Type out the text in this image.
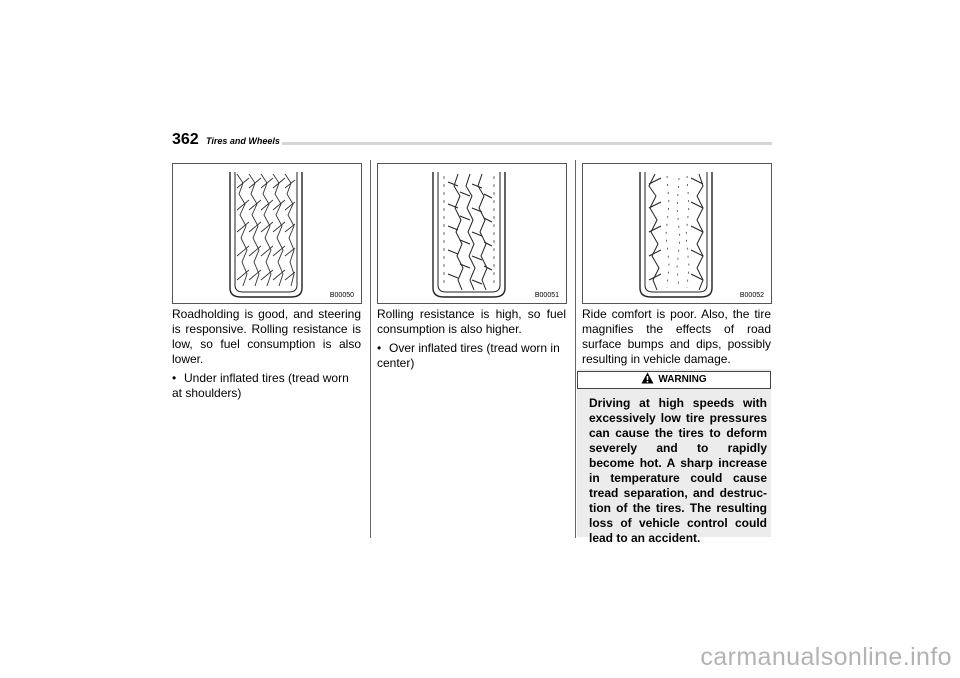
362 Tires and Wheels
B00050	B00051	B00052

Roadholding is good, and steering is responsive. Rolling resistance is low, so fuel consumption is also lower.

• Under inflated tires (tread worn at shoulders)

Rolling resistance is high, so fuel consumption is also higher.

• Over inflated tires (tread worn in center)

Ride comfort is poor. Also, the tire magnifies the effects of road surface bumps and dips, possibly resulting in vehicle damage.

WARNING
Driving at high speeds with excessively low tire pressures can cause the tires to deform severely and to rapidly become hot. A sharp increase in temperature could cause tread separation, and destruc-tion of the tires. The resulting loss of vehicle control could lead to an accident.
carmanualsonline.info
